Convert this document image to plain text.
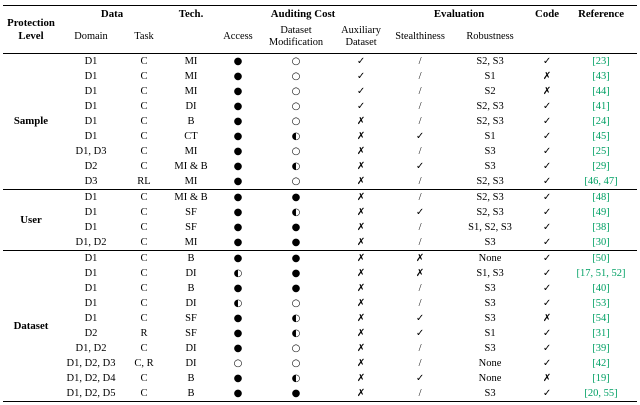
Protection Level	Data		Tech.	Auditing Cost			Evaluation		Code	Reference
	Domain	Task		Access	Dataset Modification	Auxiliary Dataset	Stealthiness	Robustness		
Sample	D1	C	MI	●	○	✓	/	S2, S3	✓	[23]
	D1	C	MI	●	○	✓	/	S1	✗	[43]
	D1	C	MI	●	○	✓	/	S2	✗	[44]
	D1	C	DI	●	○	✓	/	S2, S3	✓	[41]
	D1	C	B	●	○	✗	/	S2, S3	✓	[24]
	D1	C	CT	●	◐	✗	✓	S1	✓	[45]
	D1, D3	C	MI	●	○	✗	/	S3	✓	[25]
	D2	C	MI & B	●	◐	✗	✓	S3	✓	[29]
	D3	RL	MI	●	○	✗	/	S2, S3	✓	[46, 47]
User	D1	C	MI & B	●	●	✗	/	S2, S3	✓	[48]
	D1	C	SF	●	◐	✗	✓	S2, S3	✓	[49]
	D1	C	SF	●	●	✗	/	S1, S2, S3	✓	[38]
	D1, D2	C	MI	●	●	✗	/	S3	✓	[30]
Dataset	D1	C	B	●	●	✗	✗	None	✓	[50]
	D1	C	DI	◐	●	✗	✗	S1, S3	✓	[17, 51, 52]
	D1	C	B	●	●	✗	/	S3	✓	[40]
	D1	C	DI	◐	○	✗	/	S3	✓	[53]
	D1	C	SF	●	◐	✗	✓	S3	✗	[54]
	D2	R	SF	●	◐	✗	✓	S1	✓	[31]
	D1, D2	C	DI	●	○	✗	/	S3	✓	[39]
	D1, D2, D3	C, R	DI	○	○	✗	/	None	✓	[42]
	D1, D2, D4	C	B	●	◐	✗	✓	None	✗	[19]
	D1, D2, D5	C	B	●	●	✗	/	S3	✓	[20, 55]
